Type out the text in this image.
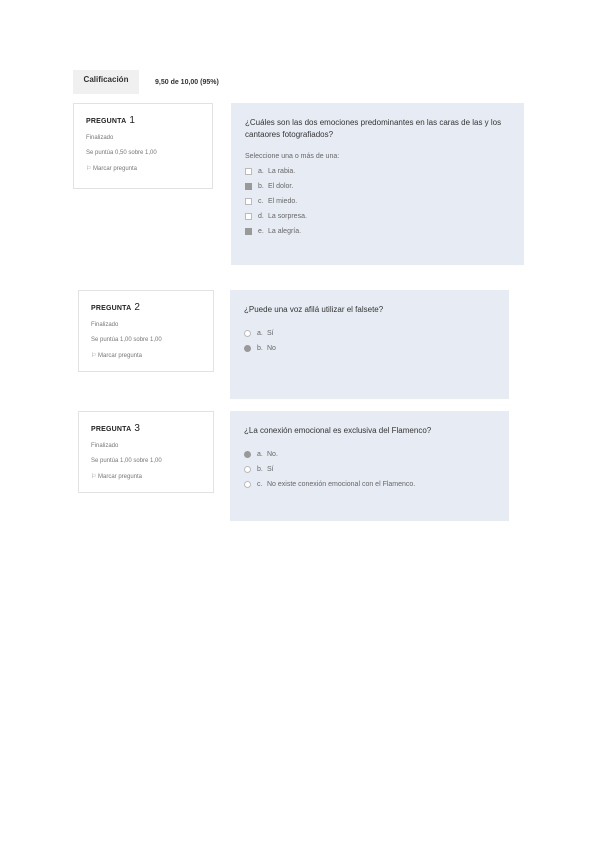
Calificación	9,50 de 10,00 (95%)
PREGUNTA 1
Finalizado
Se puntúa 0,50 sobre 1,00
⚐ Marcar pregunta
¿Cuáles son las dos emociones predominantes en las caras de las y los cantaores fotografiados?
Seleccione una o más de una:
a. La rabia.
b. El dolor.
c. El miedo.
d. La sorpresa.
e. La alegría.
PREGUNTA 2
Finalizado
Se puntúa 1,00 sobre 1,00
⚐ Marcar pregunta
¿Puede una voz afilá utilizar el falsete?
a. Sí
b. No
PREGUNTA 3
Finalizado
Se puntúa 1,00 sobre 1,00
⚐ Marcar pregunta
¿La conexión emocional es exclusiva del Flamenco?
a. No.
b. Sí
c. No existe conexión emocional con el Flamenco.
